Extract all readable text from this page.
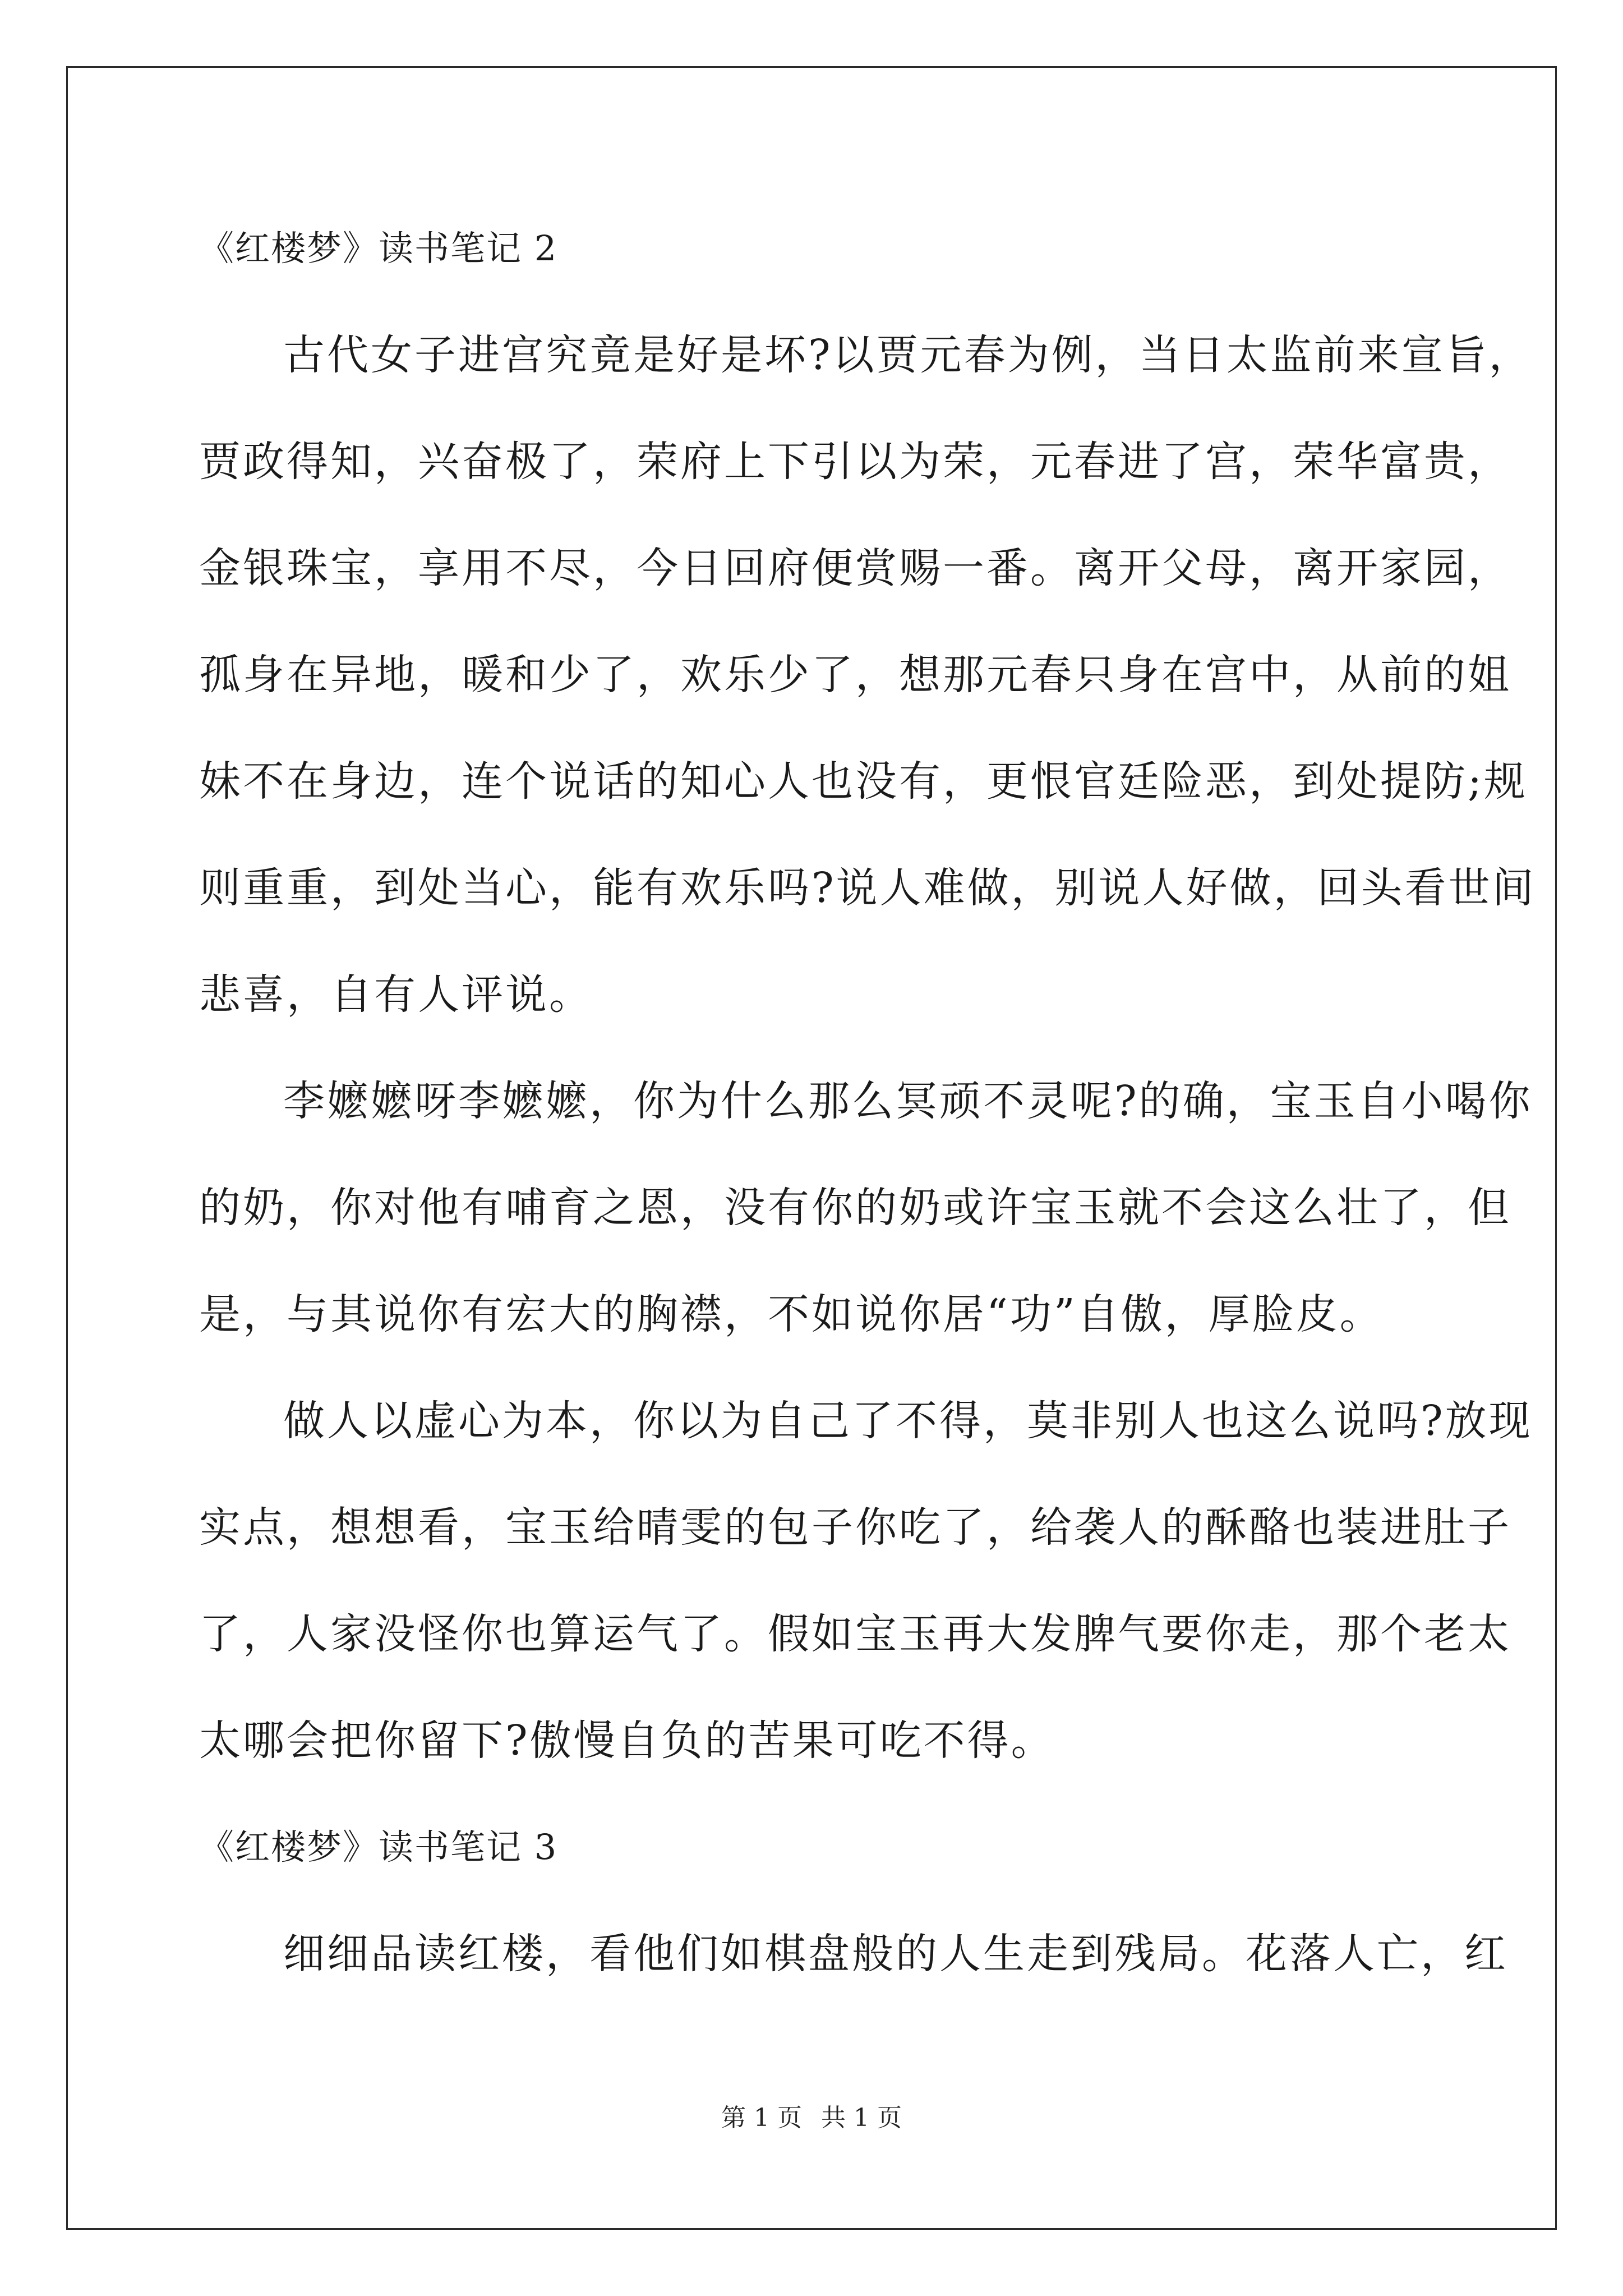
《红楼梦》读书笔记 2
古代女子进宫究竟是好是坏?以贾元春为例，当日太监前来宣旨，
贾政得知，兴奋极了，荣府上下引以为荣，元春进了宫，荣华富贵，
金银珠宝，享用不尽，今日回府便赏赐一番。离开父母，离开家园，
孤身在异地，暖和少了，欢乐少了，想那元春只身在宫中，从前的姐
妹不在身边，连个说话的知心人也没有，更恨官廷险恶，到处提防;规
则重重，到处当心，能有欢乐吗?说人难做，别说人好做，回头看世间
悲喜，自有人评说。
李嬷嬷呀李嬷嬷，你为什么那么冥顽不灵呢?的确，宝玉自小喝你
的奶，你对他有哺育之恩，没有你的奶或许宝玉就不会这么壮了，但
是，与其说你有宏大的胸襟，不如说你居“功”自傲，厚脸皮。
做人以虚心为本，你以为自己了不得，莫非别人也这么说吗?放现
实点，想想看，宝玉给晴雯的包子你吃了，给袭人的酥酪也装进肚子
了，人家没怪你也算运气了。假如宝玉再大发脾气要你走，那个老太
太哪会把你留下?傲慢自负的苦果可吃不得。
《红楼梦》读书笔记 3
细细品读红楼，看他们如棋盘般的人生走到残局。花落人亡，红
第 1 页 共 1 页
